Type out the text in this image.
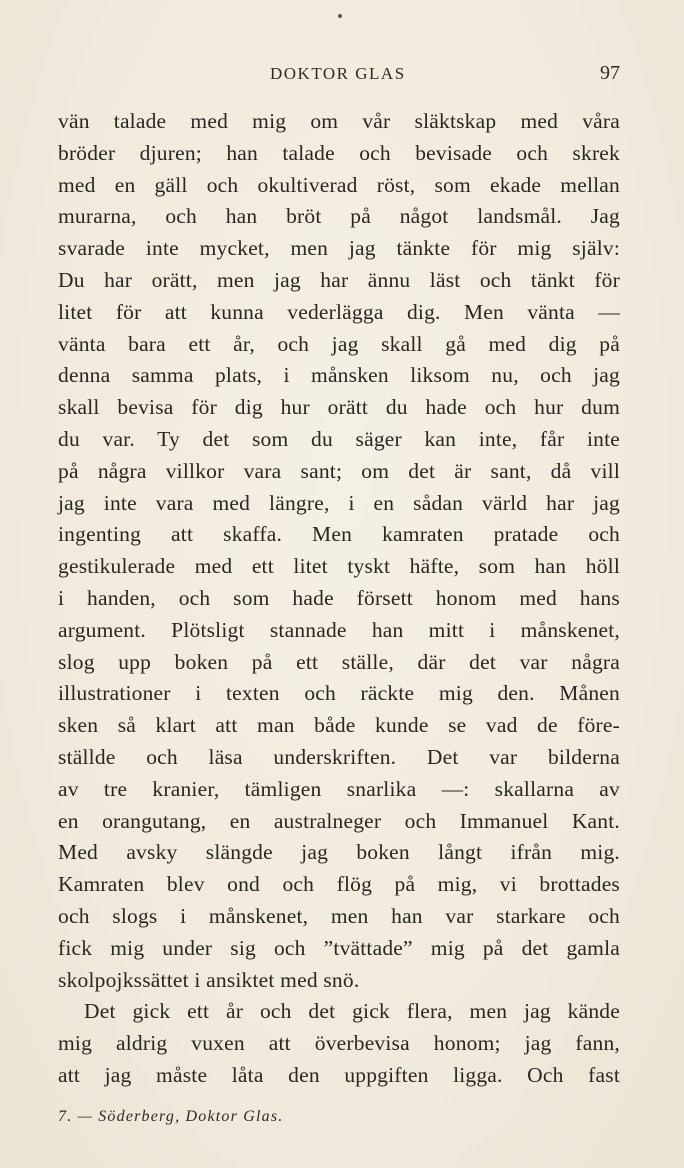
DOKTOR GLAS	97
vän talade med mig om vår släktskap med våra
bröder djuren; han talade och bevisade och skrek
med en gäll och okultiverad röst, som ekade mellan
murarna, och han bröt på något landsmål. Jag
svarade inte mycket, men jag tänkte för mig själv:
Du har orätt, men jag har ännu läst och tänkt för
litet för att kunna vederlägga dig. Men vänta —
vänta bara ett år, och jag skall gå med dig på
denna samma plats, i månsken liksom nu, och jag
skall bevisa för dig hur orätt du hade och hur dum
du var. Ty det som du säger kan inte, får inte
på några villkor vara sant; om det är sant, då vill
jag inte vara med längre, i en sådan värld har jag
ingenting att skaffa. Men kamraten pratade och
gestikulerade med ett litet tyskt häfte, som han höll
i handen, och som hade försett honom med hans
argument. Plötsligt stannade han mitt i månskenet,
slog upp boken på ett ställe, där det var några
illustrationer i texten och räckte mig den. Månen
sken så klart att man både kunde se vad de före-
ställde och läsa underskriften. Det var bilderna
av tre kranier, tämligen snarlika —: skallarna av
en orangutang, en australneger och Immanuel Kant.
Med avsky slängde jag boken långt ifrån mig.
Kamraten blev ond och flög på mig, vi brottades
och slogs i månskenet, men han var starkare och
fick mig under sig och ”tvättade” mig på det gamla
skolpojkssättet i ansiktet med snö.
Det gick ett år och det gick flera, men jag kände
mig aldrig vuxen att överbevisa honom; jag fann,
att jag måste låta den uppgiften ligga. Och fast
7. — Söderberg, Doktor Glas.
